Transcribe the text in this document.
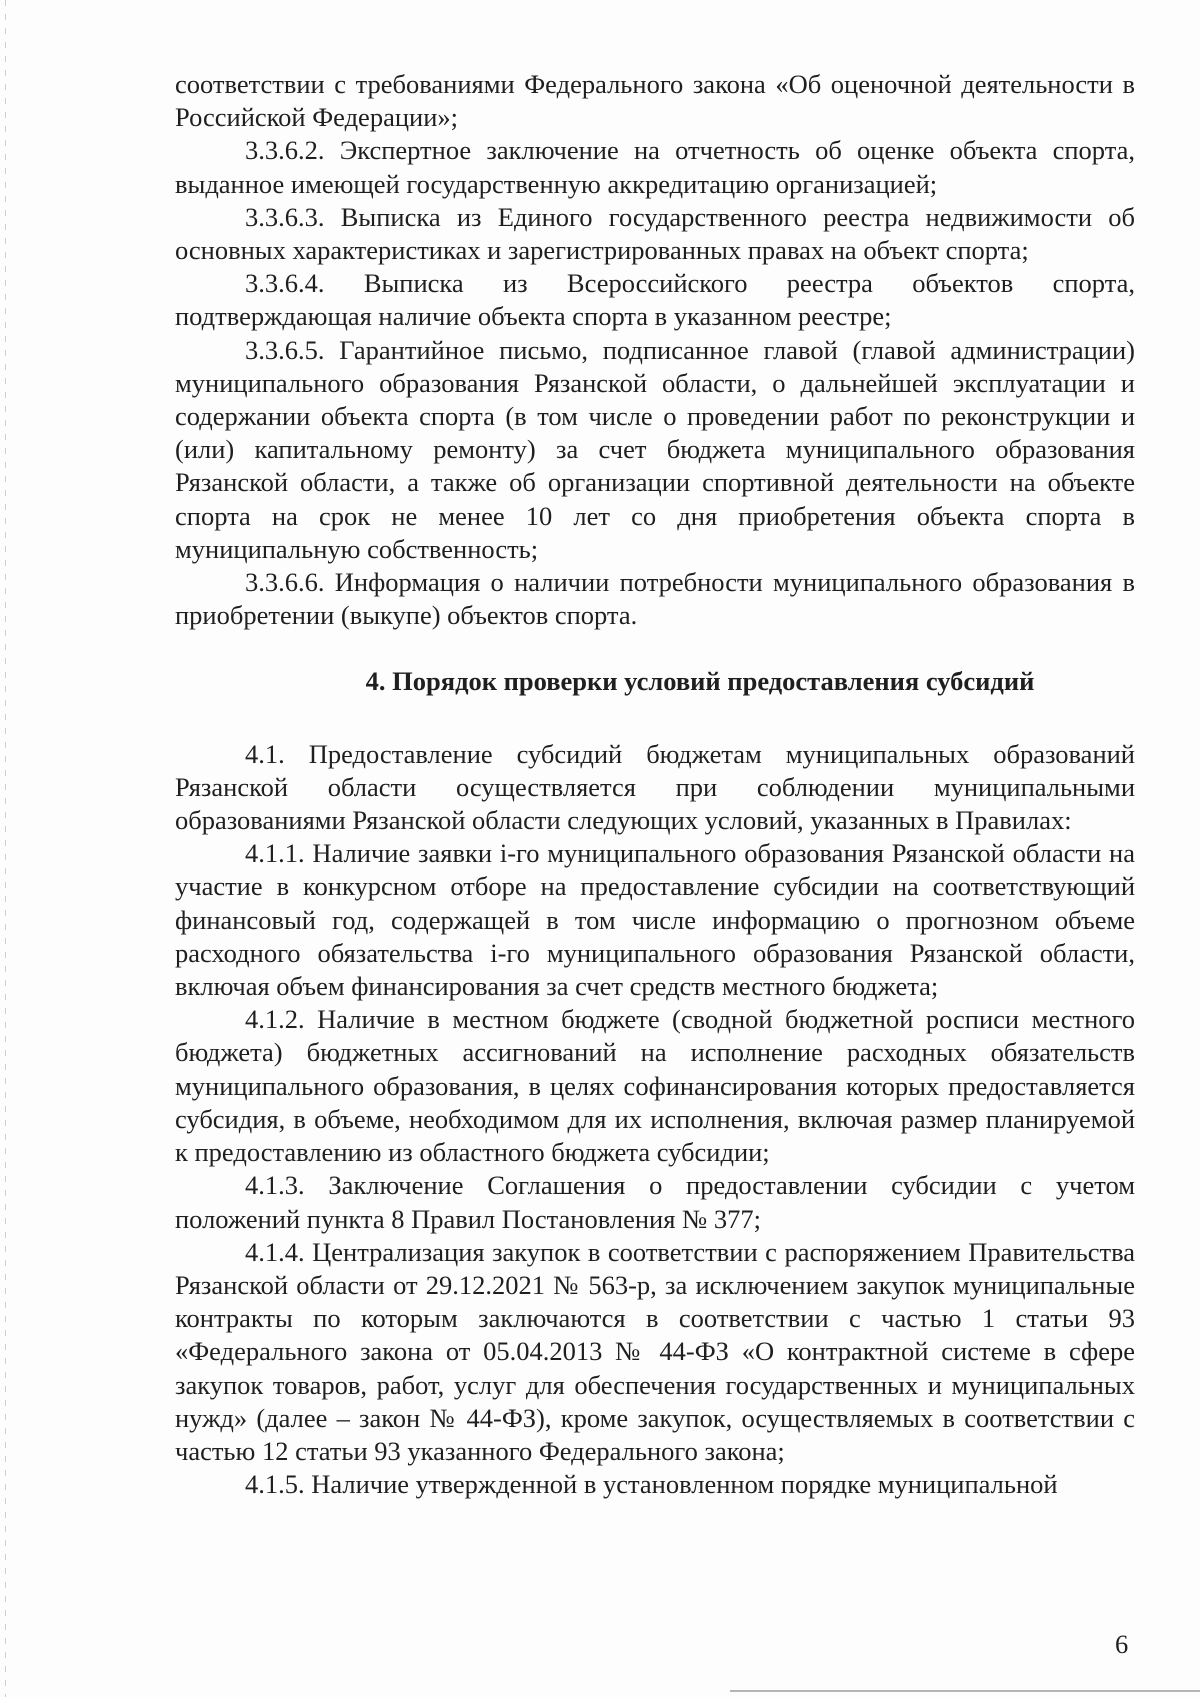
соответствии с требованиями Федерального закона «Об оценочной деятельности в Российской Федерации»;

3.3.6.2. Экспертное заключение на отчетность об оценке объекта спорта, выданное имеющей государственную аккредитацию организацией;

3.3.6.3. Выписка из Единого государственного реестра недвижимости об основных характеристиках и зарегистрированных правах на объект спорта;

3.3.6.4. Выписка из Всероссийского реестра объектов спорта, подтверждающая наличие объекта спорта в указанном реестре;

3.3.6.5. Гарантийное письмо, подписанное главой (главой администрации) муниципального образования Рязанской области, о дальнейшей эксплуатации и содержании объекта спорта (в том числе о проведении работ по реконструкции и (или) капитальному ремонту) за счет бюджета муниципального образования Рязанской области, а также об организации спортивной деятельности на объекте спорта на срок не менее 10 лет со дня приобретения объекта спорта в муниципальную собственность;

3.3.6.6. Информация о наличии потребности муниципального образования в приобретении (выкупе) объектов спорта.

4. Порядок проверки условий предоставления субсидий

4.1. Предоставление субсидий бюджетам муниципальных образований Рязанской области осуществляется при соблюдении муниципальными образованиями Рязанской области следующих условий, указанных в Правилах:

4.1.1. Наличие заявки i-го муниципального образования Рязанской области на участие в конкурсном отборе на предоставление субсидии на соответствующий финансовый год, содержащей в том числе информацию о прогнозном объеме расходного обязательства i-го муниципального образования Рязанской области, включая объем финансирования за счет средств местного бюджета;

4.1.2. Наличие в местном бюджете (сводной бюджетной росписи местного бюджета) бюджетных ассигнований на исполнение расходных обязательств муниципального образования, в целях софинансирования которых предоставляется субсидия, в объеме, необходимом для их исполнения, включая размер планируемой к предоставлению из областного бюджета субсидии;

4.1.3. Заключение Соглашения о предоставлении субсидии с учетом положений пункта 8 Правил Постановления № 377;

4.1.4. Централизация закупок в соответствии с распоряжением Правительства Рязанской области от 29.12.2021 № 563-р, за исключением закупок муниципальные контракты по которым заключаются в соответствии с частью 1 статьи 93 «Федерального закона от 05.04.2013 № 44-ФЗ «О контрактной системе в сфере закупок товаров, работ, услуг для обеспечения государственных и муниципальных нужд» (далее – закон № 44-ФЗ), кроме закупок, осуществляемых в соответствии с частью 12 статьи 93 указанного Федерального закона;

4.1.5. Наличие утвержденной в установленном порядке муниципальной

6
